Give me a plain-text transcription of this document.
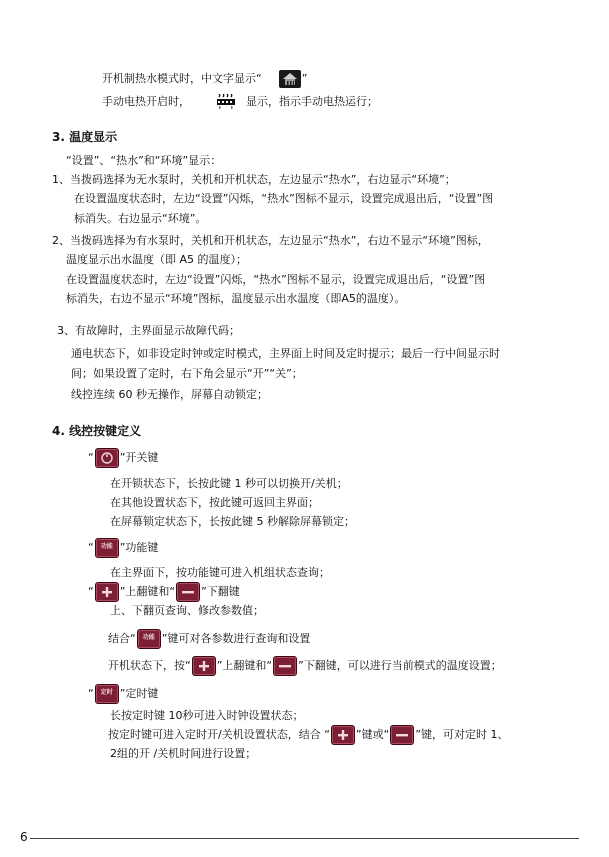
开机制热水模式时，中文字显示“	”
手动电热开启时，	显示，指示手动电热运行；
3. 温度显示
“设置”、“热水”和“环境”显示：
1、当拨码选择为无水泵时，关机和开机状态，左边显示“热水”，右边显示“环境”；
在设置温度状态时，左边“设置”闪烁，“热水”图标不显示，设置完成退出后，“设置”图
标消失。右边显示“环境”。
2、当拨码选择为有水泵时，关机和开机状态，左边显示“热水”，右边不显示“环境”图标，
温度显示出水温度（即 A5 的温度）；
在设置温度状态时，左边“设置”闪烁，“热水”图标不显示，设置完成退出后，“设置”图
标消失，右边不显示“环境”图标，温度显示出水温度（即A5的温度）。
3、有故障时，主界面显示故障代码；
通电状态下，如非设定时钟或定时模式，主界面上时间及定时提示；最后一行中间显示时
间；如果设置了定时，右下角会显示“开”“关”；
线控连续 60 秒无操作，屏幕自动锁定；
4. 线控按键定义
“ ”开关键
在开锁状态下，长按此键 1 秒可以切换开/关机；
在其他设置状态下，按此键可返回主界面；
在屏幕锁定状态下，长按此键 5 秒解除屏幕锁定；
“	功能 ”功能键
在主界面下，按功能键可进入机组状态查询；
“ ”上翻键和“ ”下翻键
上、下翻页查询、修改参数值；
结合“	功能 ”键可对各参数进行查询和设置
开机状态下，按“ ”上翻键和“ ”下翻键，可以进行当前模式的温度设置；
“	定时 ”定时键
长按定时键 10秒可进入时钟设置状态；
按定时键可进入定时开/关机设置状态，结合 “ ”键或“ ”键，可对定时 1、
2组的开 /关机时间进行设置；
6
